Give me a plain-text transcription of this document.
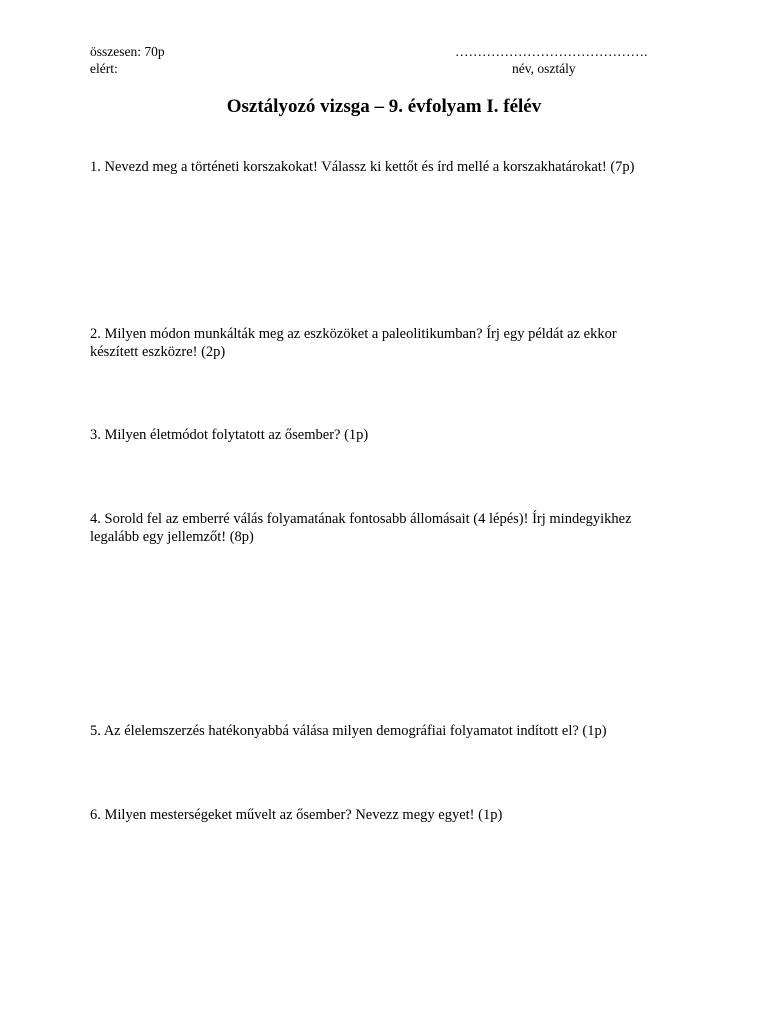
összesen: 70p
elért:
…………………………………….
név, osztály
Osztályozó vizsga – 9. évfolyam I. félév
1. Nevezd meg a történeti korszakokat! Válassz ki kettőt és írd mellé a korszakhatárokat! (7p)
2. Milyen módon munkálták meg az eszközöket a paleolitikumban? Írj egy példát az ekkor
készített eszközre! (2p)
3. Milyen életmódot folytatott az ősember? (1p)
4. Sorold fel az emberré válás folyamatának fontosabb állomásait (4 lépés)! Írj mindegyikhez
legalább egy jellemzőt! (8p)
5. Az élelemszerzés hatékonyabbá válása milyen demográfiai folyamatot indított el? (1p)
6. Milyen mesterségeket művelt az ősember? Nevezz megy egyet! (1p)
